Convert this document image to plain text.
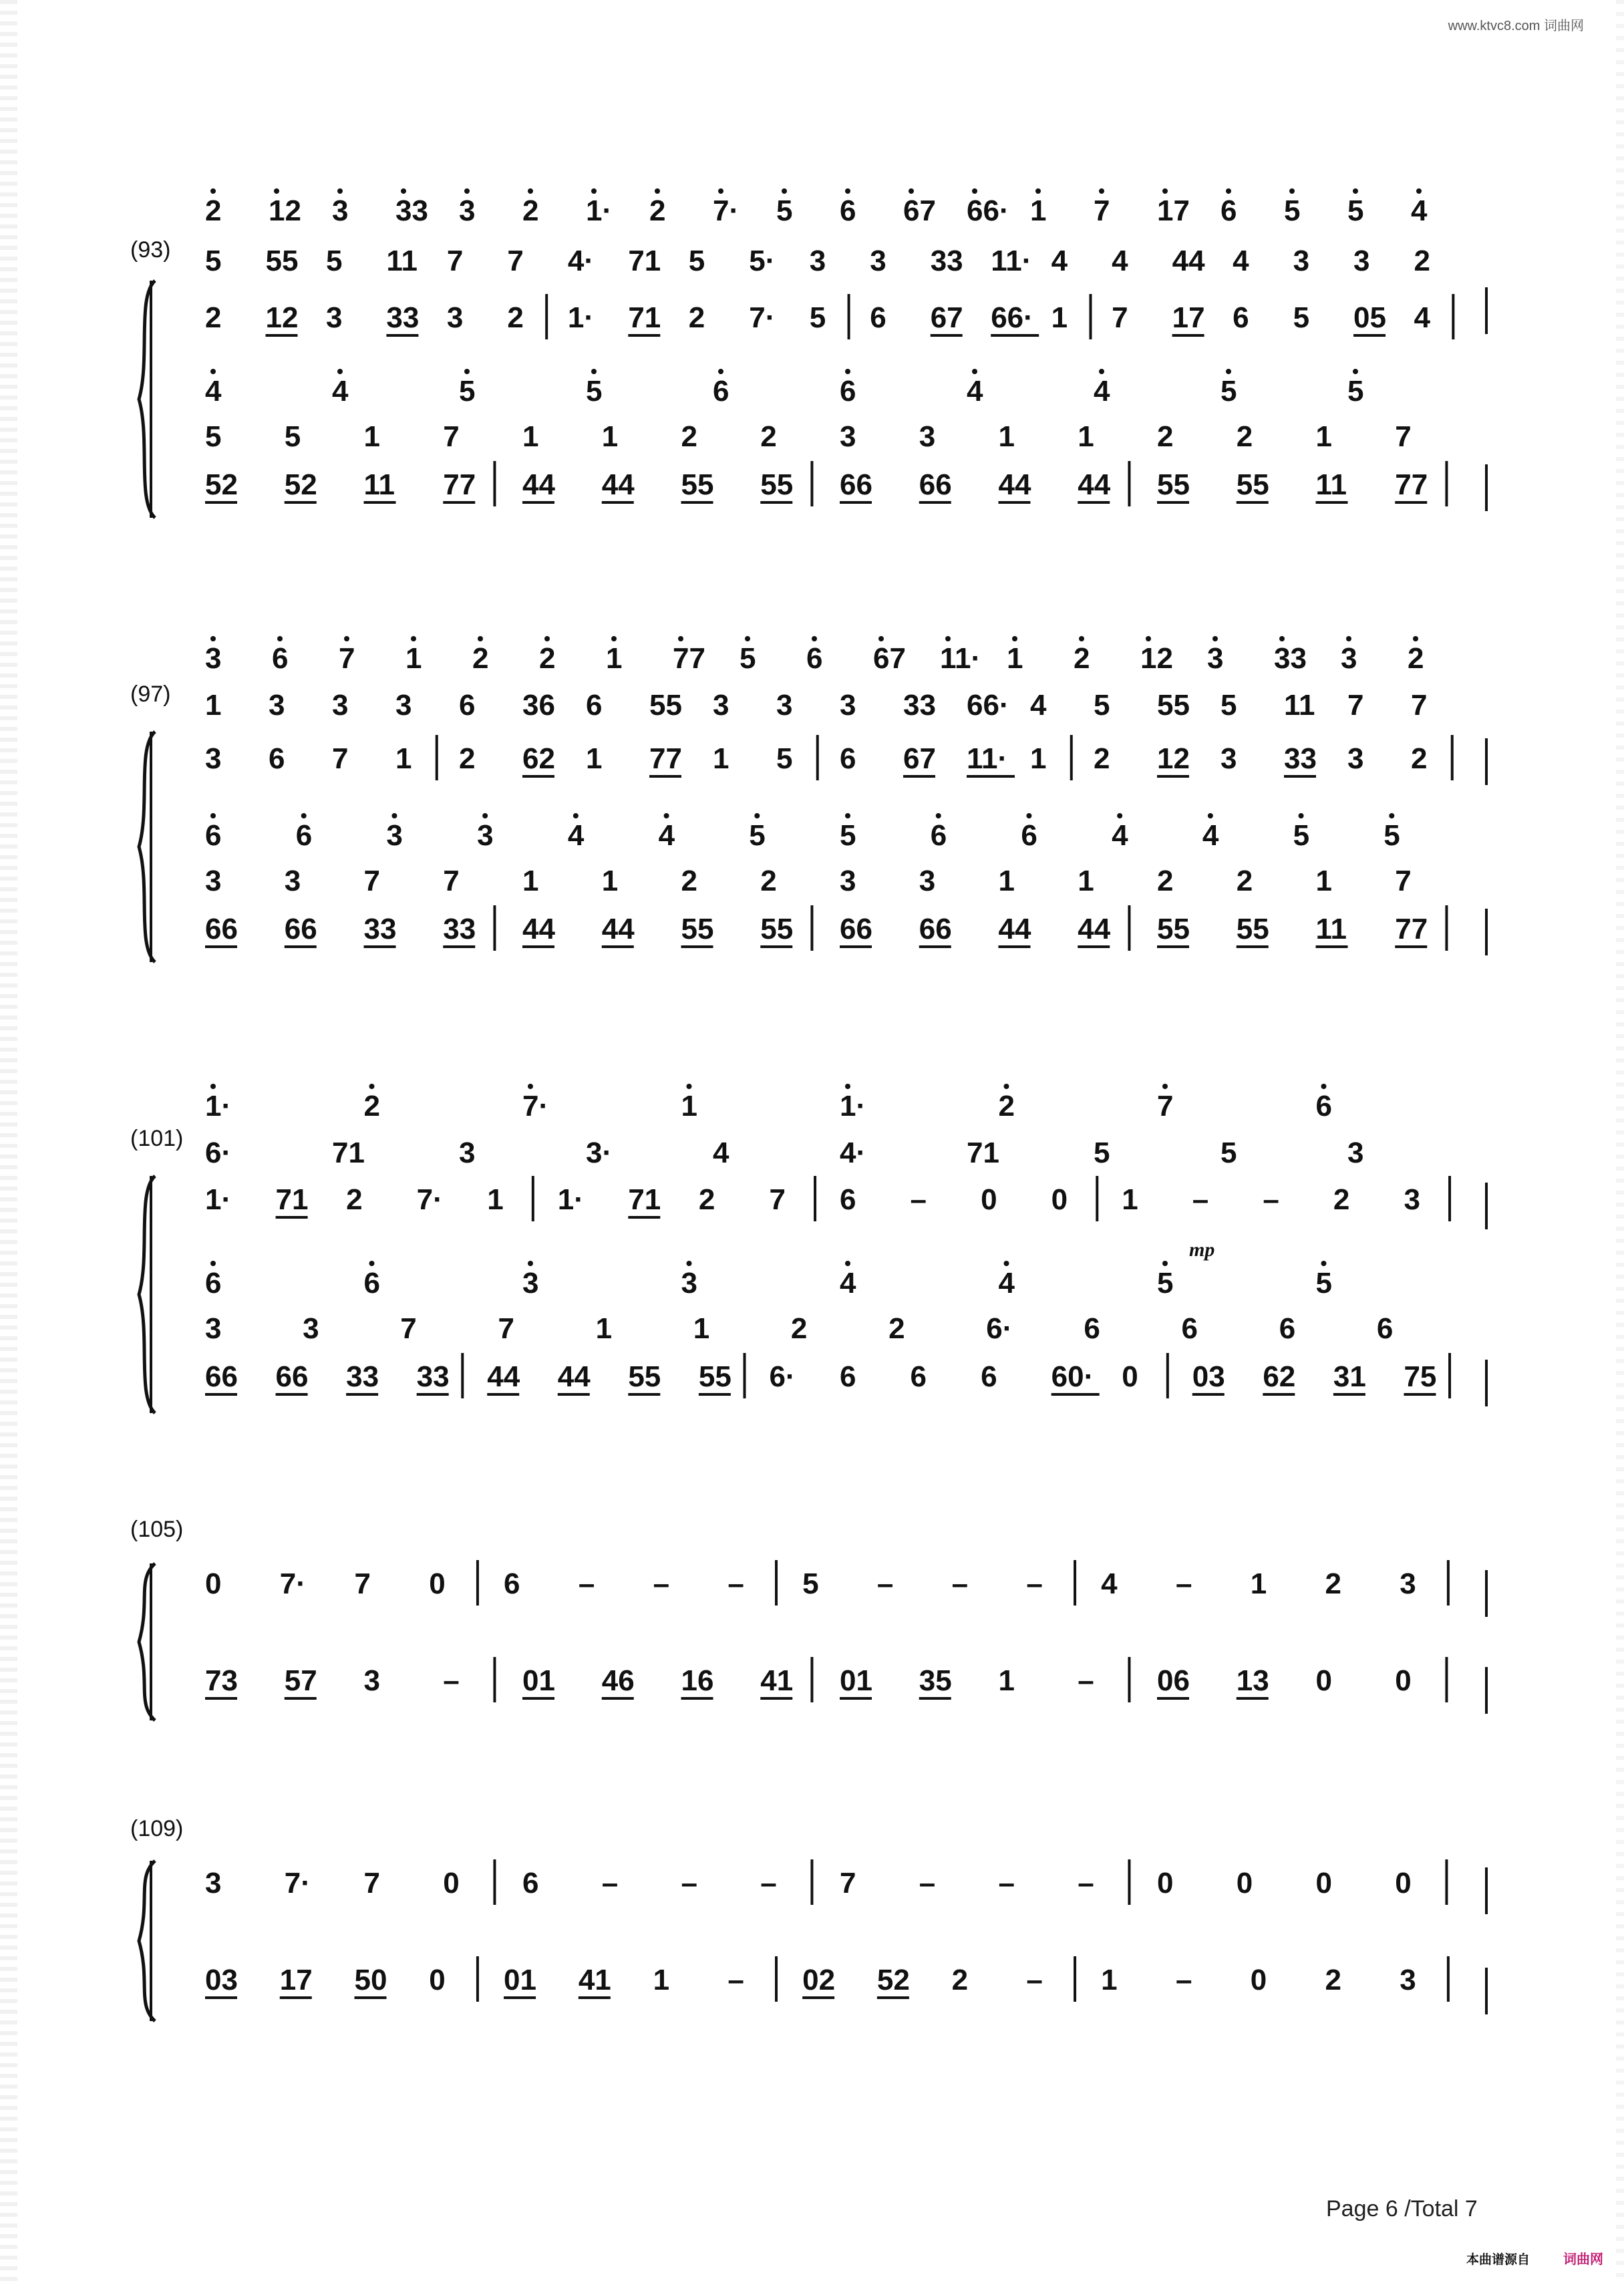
www.ktvc8.com 词曲网
(93)
2 12 3 33 3 2 1· 2 7· 5 6 67 66· 1 7 17 6 5 5 4
5 55 5 11 7 7 4· 71 5 5· 3 3 33 11· 4 4 44 4 3 3 2
2 12 3 33 3 2 1· 71 2 7· 5 6 67 66· 1 7 17 6 5 05 4
4	4	5	5	6	6	4	4	5	5
5 5 1 7 1 1 2 2 3 3 1 1 2 2 1 7
52 52 11 77 44 44 55 55 66 66 44 44 55 55 11 77
(97)
3 6 7 1 2 2 1 77 5 6 67 11· 1 2 12 3 33 3 2
1 3 3 3 6 36 6 55 3 3 3 33 66· 4 5 55 5 11 7 7
3 6 7 1 2 62 1 77 1 5 6 67 11· 1 2 12 3 33 3 2
6	6	3	3	4	4	5	5	6	6	4	4	5	5
3 3 7 7 1 1 2 2 3 3 1 1 2 2 1 7
66 66 33 33 44 44 55 55 66 66 44 44 55 55 11 77
(101)
1·	2	7·	1	1·	2	7	6
6·	71	3	3·	4	4·	71	5	5	3
1· 71 2 7· 1 1· 71 2 7 6 – 0 0 1 – – 2 3
6	6	3	3	4	4	5	5
3	3	7	7	1	1	2	2	6· 6	6	6	6
66 66 33 33 44 44 55 55 6· 6 6 6 60· 0 03 62 31 75
mp
(105)
0 7· 7 0 6 – – – 5 – – – 4 – 1 2 3
73 57 3 – 01 46 16 41 01 35 1 – 06 13 0 0
(109)
3 7· 7 0 6 – – – 7 – – – 0 0 0 0
03 17 50 0 01 41 1 – 02 52 2 – 1 – 0 2 3
Page 6 /Total 7
本曲谱源自 词曲网
